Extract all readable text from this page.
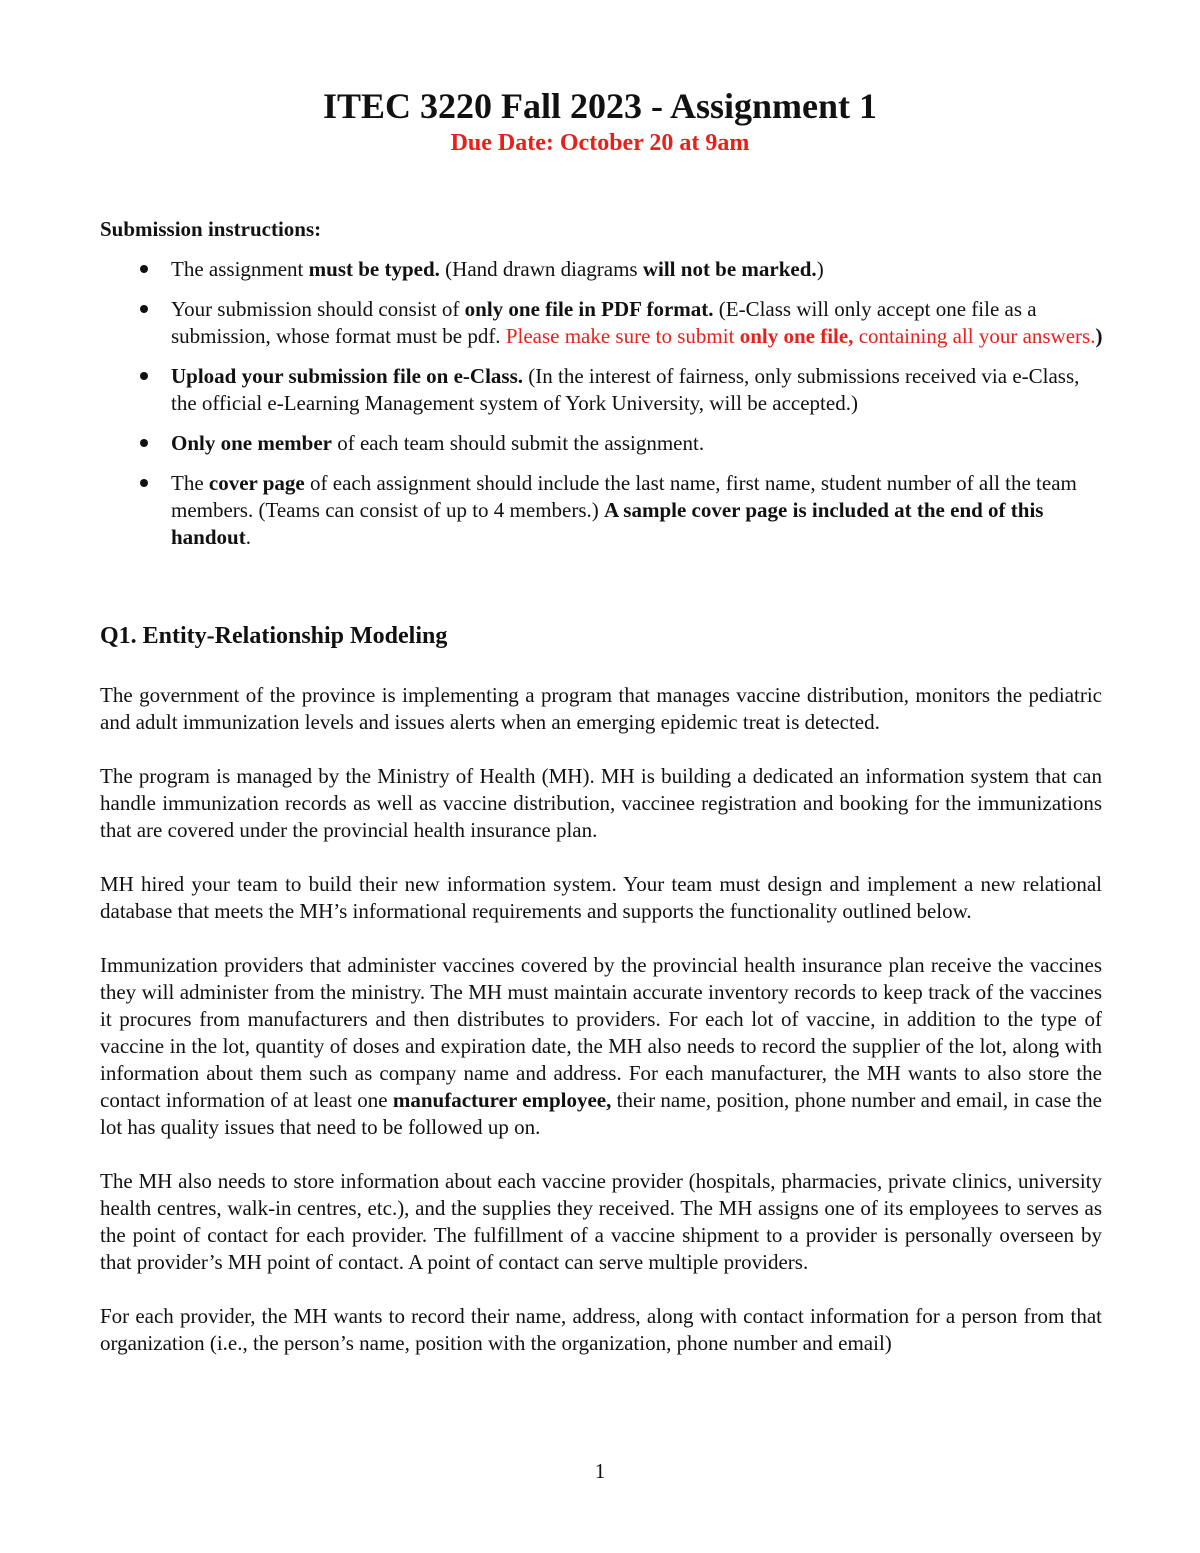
ITEC 3220 Fall 2023 - Assignment 1
Due Date: October 20 at 9am
Submission instructions:
The assignment must be typed. (Hand drawn diagrams will not be marked.)
Your submission should consist of only one file in PDF format. (E-Class will only accept one file as a submission, whose format must be pdf. Please make sure to submit only one file, containing all your answers.)
Upload your submission file on e-Class. (In the interest of fairness, only submissions received via e-Class, the official e-Learning Management system of York University, will be accepted.)
Only one member of each team should submit the assignment.
The cover page of each assignment should include the last name, first name, student number of all the team members. (Teams can consist of up to 4 members.) A sample cover page is included at the end of this handout.
Q1. Entity-Relationship Modeling

The government of the province is implementing a program that manages vaccine distribution, monitors the pediatric and adult immunization levels and issues alerts when an emerging epidemic treat is detected.

The program is managed by the Ministry of Health (MH). MH is building a dedicated an information system that can handle immunization records as well as vaccine distribution, vaccinee registration and booking for the immunizations that are covered under the provincial health insurance plan.

MH hired your team to build their new information system. Your team must design and implement a new relational database that meets the MH’s informational requirements and supports the functionality outlined below.

Immunization providers that administer vaccines covered by the provincial health insurance plan receive the vaccines they will administer from the ministry. The MH must maintain accurate inventory records to keep track of the vaccines it procures from manufacturers and then distributes to providers. For each lot of vaccine, in addition to the type of vaccine in the lot, quantity of doses and expiration date, the MH also needs to record the supplier of the lot, along with information about them such as company name and address. For each manufacturer, the MH wants to also store the contact information of at least one manufacturer employee, their name, position, phone number and email, in case the lot has quality issues that need to be followed up on.

The MH also needs to store information about each vaccine provider (hospitals, pharmacies, private clinics, university health centres, walk-in centres, etc.), and the supplies they received. The MH assigns one of its employees to serves as the point of contact for each provider. The fulfillment of a vaccine shipment to a provider is personally overseen by that provider’s MH point of contact. A point of contact can serve multiple providers.

For each provider, the MH wants to record their name, address, along with contact information for a person from that organization (i.e., the person’s name, position with the organization, phone number and email)

1
